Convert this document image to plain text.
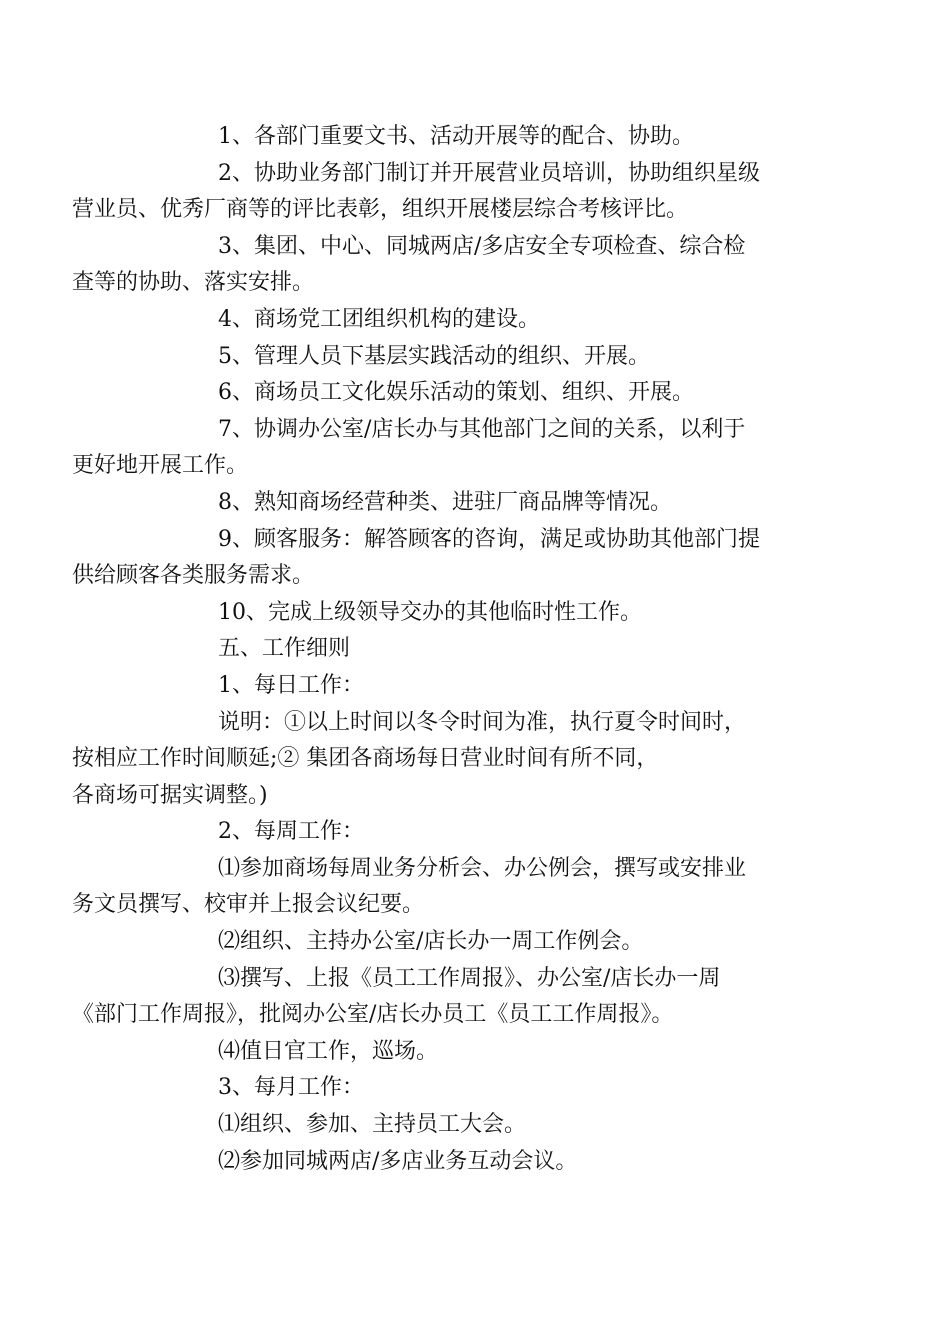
1、各部门重要文书、活动开展等的配合、协助。

2、协助业务部门制订并开展营业员培训，协助组织星级
营业员、优秀厂商等的评比表彰，组织开展楼层综合考核评比。

3、集团、中心、同城两店/多店安全专项检查、综合检
查等的协助、落实安排。

4、商场党工团组织机构的建设。

5、管理人员下基层实践活动的组织、开展。

6、商场员工文化娱乐活动的策划、组织、开展。

7、协调办公室/店长办与其他部门之间的关系，以利于
更好地开展工作。

8、熟知商场经营种类、进驻厂商品牌等情况。

9、顾客服务：解答顾客的咨询，满足或协助其他部门提
供给顾客各类服务需求。

10、完成上级领导交办的其他临时性工作。

五、工作细则

1、每日工作：

说明：①以上时间以冬令时间为准，执行夏令时间时，
按相应工作时间顺延;② 集团各商场每日营业时间有所不同，
各商场可据实调整。)

2、每周工作：

⑴参加商场每周业务分析会、办公例会，撰写或安排业
务文员撰写、校审并上报会议纪要。

⑵组织、主持办公室/店长办一周工作例会。

⑶撰写、上报《员工工作周报》、办公室/店长办一周
《部门工作周报》，批阅办公室/店长办员工《员工工作周报》。

⑷值日官工作，巡场。

3、每月工作：

⑴组织、参加、主持员工大会。

⑵参加同城两店/多店业务互动会议。
